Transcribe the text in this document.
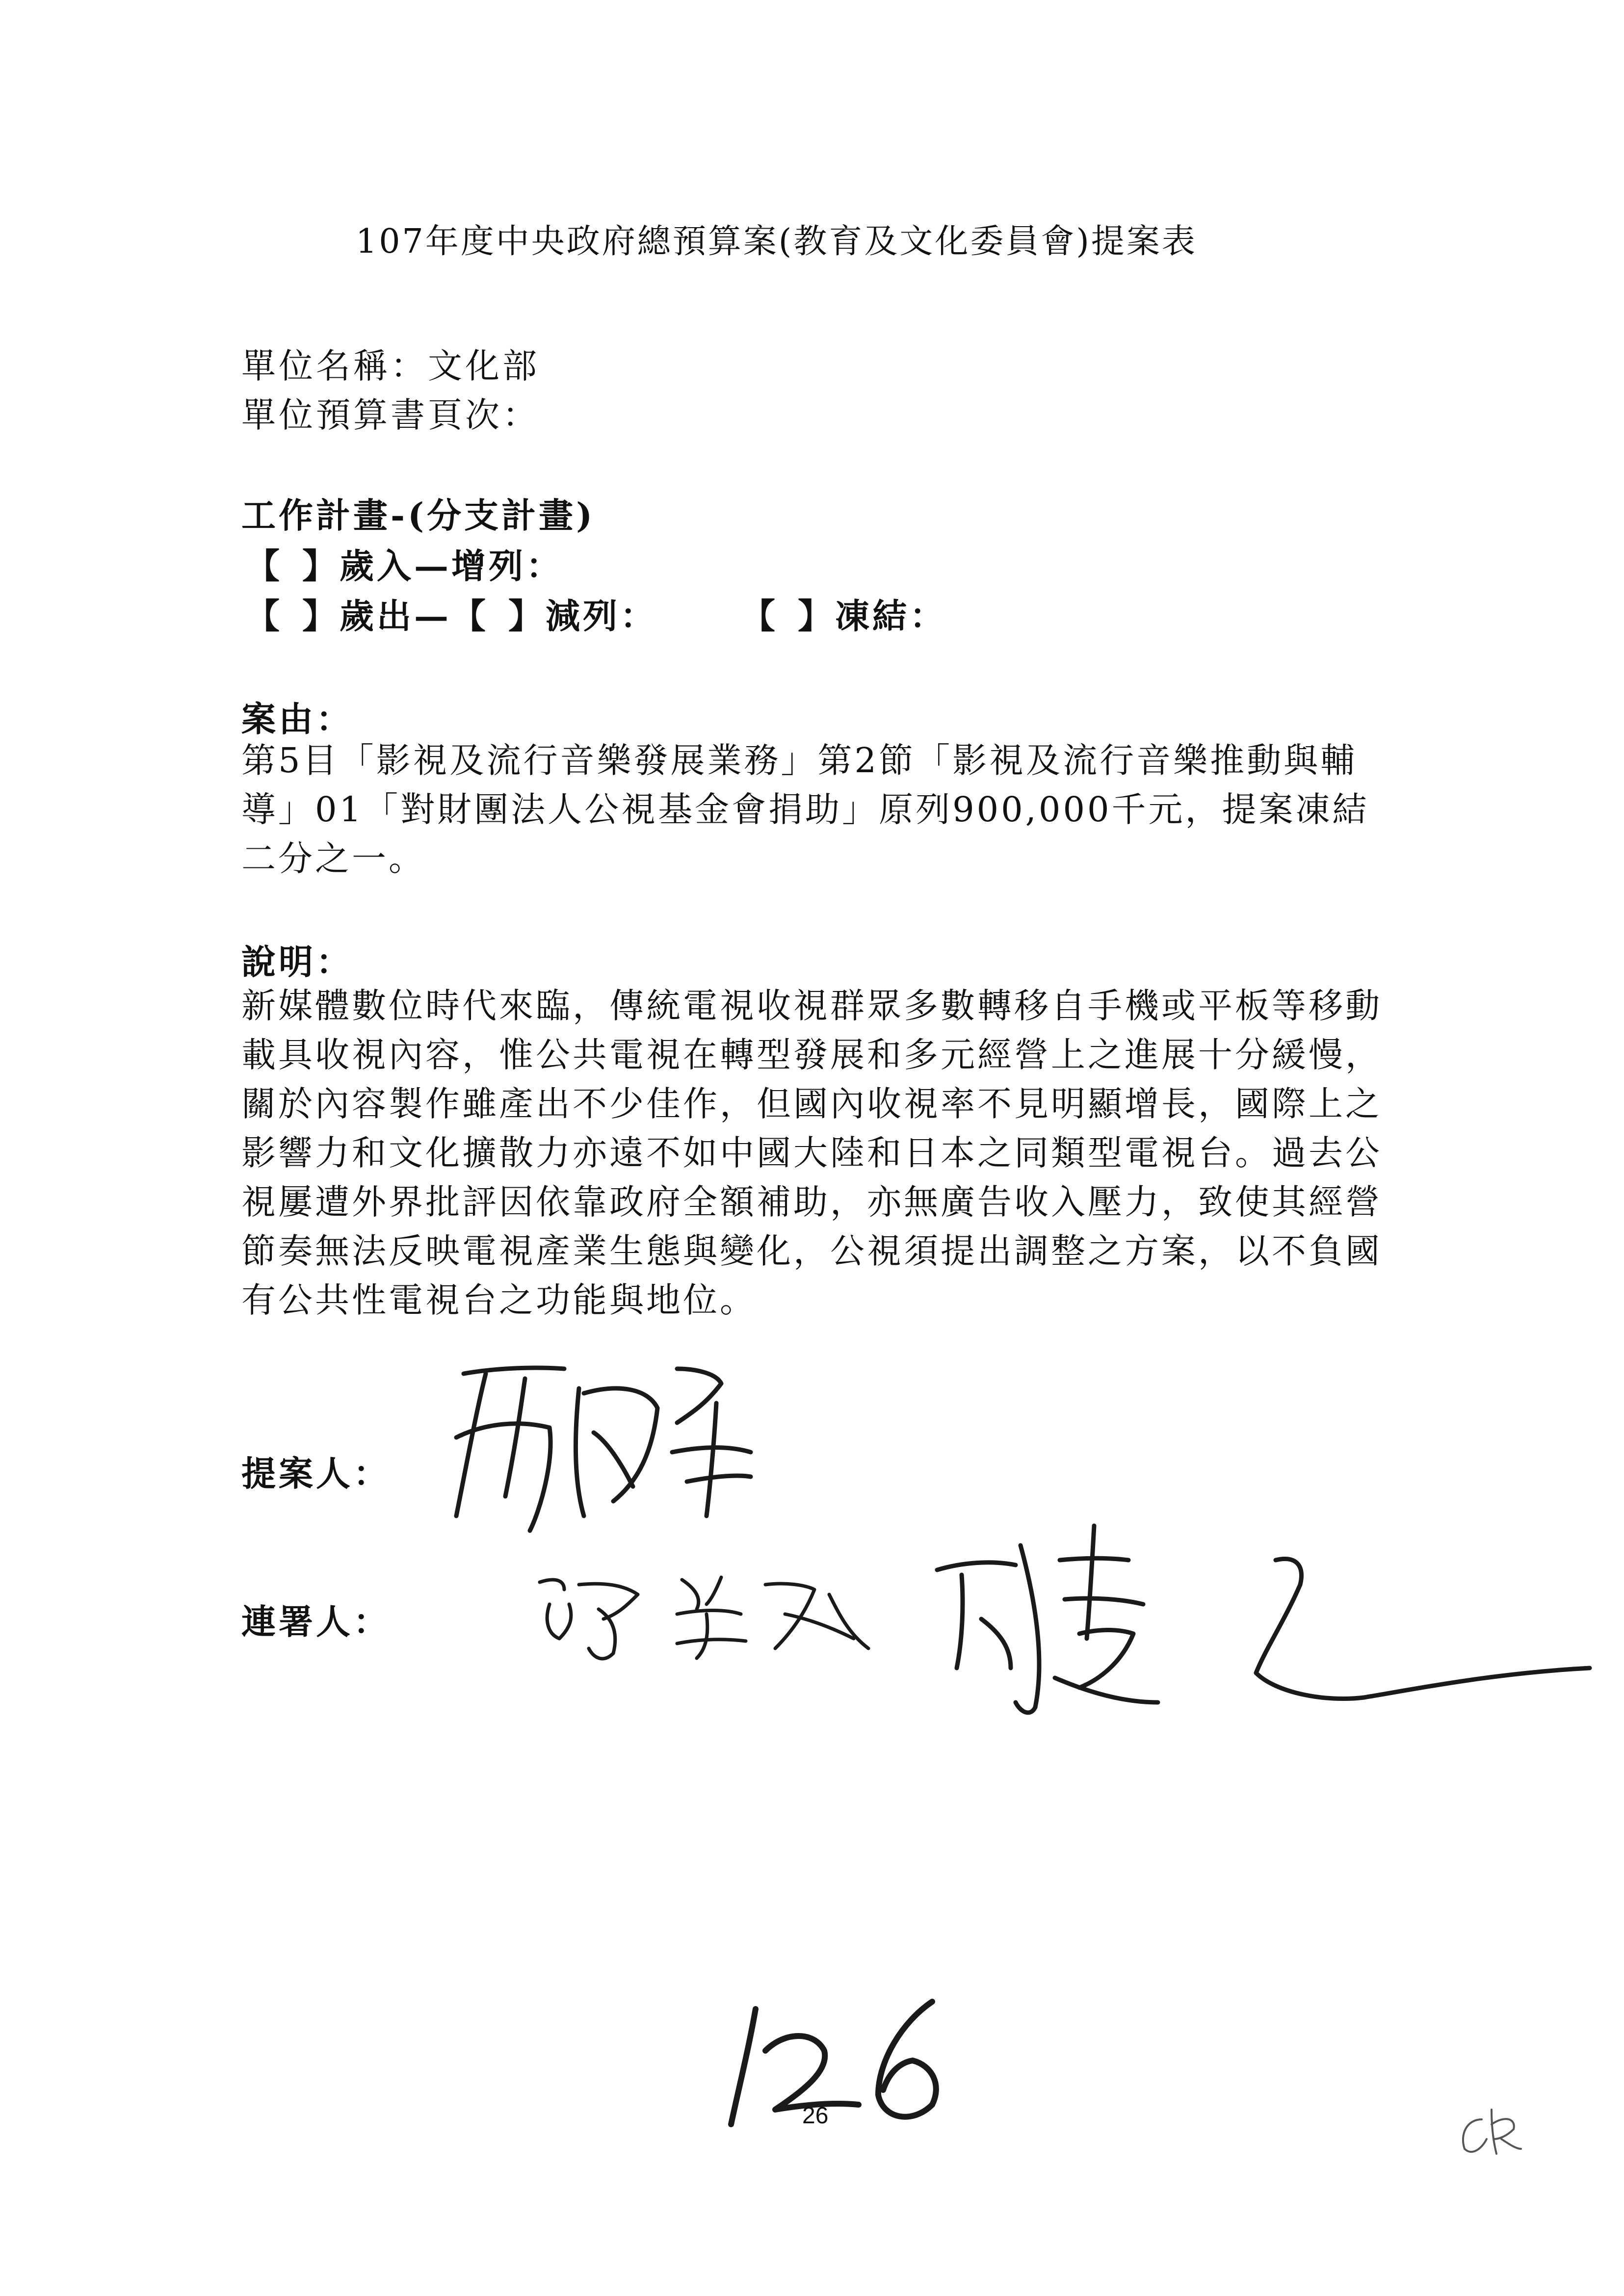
107年度中央政府總預算案(教育及文化委員會)提案表
單位名稱：文化部
單位預算書頁次：
工作計畫-(分支計畫)
【 】歲入—增列：
【 】歲出—【 】減列： 【 】凍結：
案由：
第5目「影視及流行音樂發展業務」第2節「影視及流行音樂推動與輔導」01「對財團法人公視基金會捐助」原列900,000千元，提案凍結二分之一。
說明：
新媒體數位時代來臨，傳統電視收視群眾多數轉移自手機或平板等移動載具收視內容，惟公共電視在轉型發展和多元經營上之進展十分緩慢，關於內容製作雖產出不少佳作，但國內收視率不見明顯增長，國際上之影響力和文化擴散力亦遠不如中國大陸和日本之同類型電視台。過去公視屢遭外界批評因依靠政府全額補助，亦無廣告收入壓力，致使其經營節奏無法反映電視產業生態與變化，公視須提出調整之方案，以不負國有公共性電視台之功能與地位。
提案人：
連署人：
26
